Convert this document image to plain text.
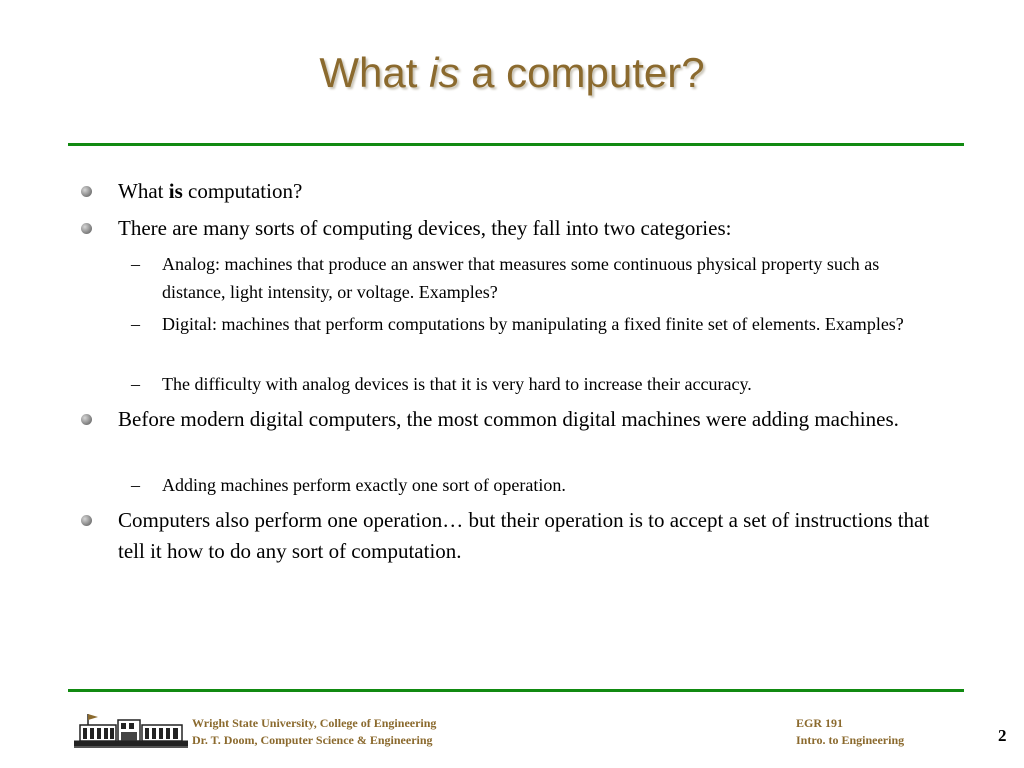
What is a computer?
What is computation?
There are many sorts of computing devices, they fall into two categories:
– Analog: machines that produce an answer that measures some continuous physical property such as distance, light intensity, or voltage. Examples?
– Digital: machines that perform computations by manipulating a fixed finite set of elements. Examples?
– The difficulty with analog devices is that it is very hard to increase their accuracy.
Before modern digital computers, the most common digital machines were adding machines.
– Adding machines perform exactly one sort of operation.
Computers also perform one operation… but their operation is to accept a set of instructions that tell it how to do any sort of computation.
Wright State University, College of Engineering
Dr. T. Doom, Computer Science & Engineering
EGR 191
Intro. to Engineering	2
